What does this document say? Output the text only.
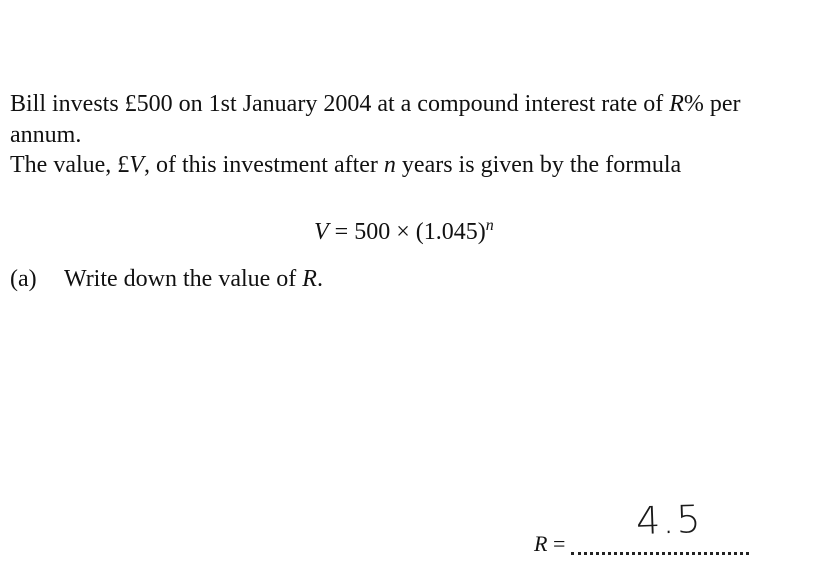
Bill invests £500 on 1st January 2004 at a compound interest rate of R% per
annum.
The value, £V, of this investment after n years is given by the formula
$V = 500 \times (1.045)^n$
(a) Write down the value of R.
R =
4.5
